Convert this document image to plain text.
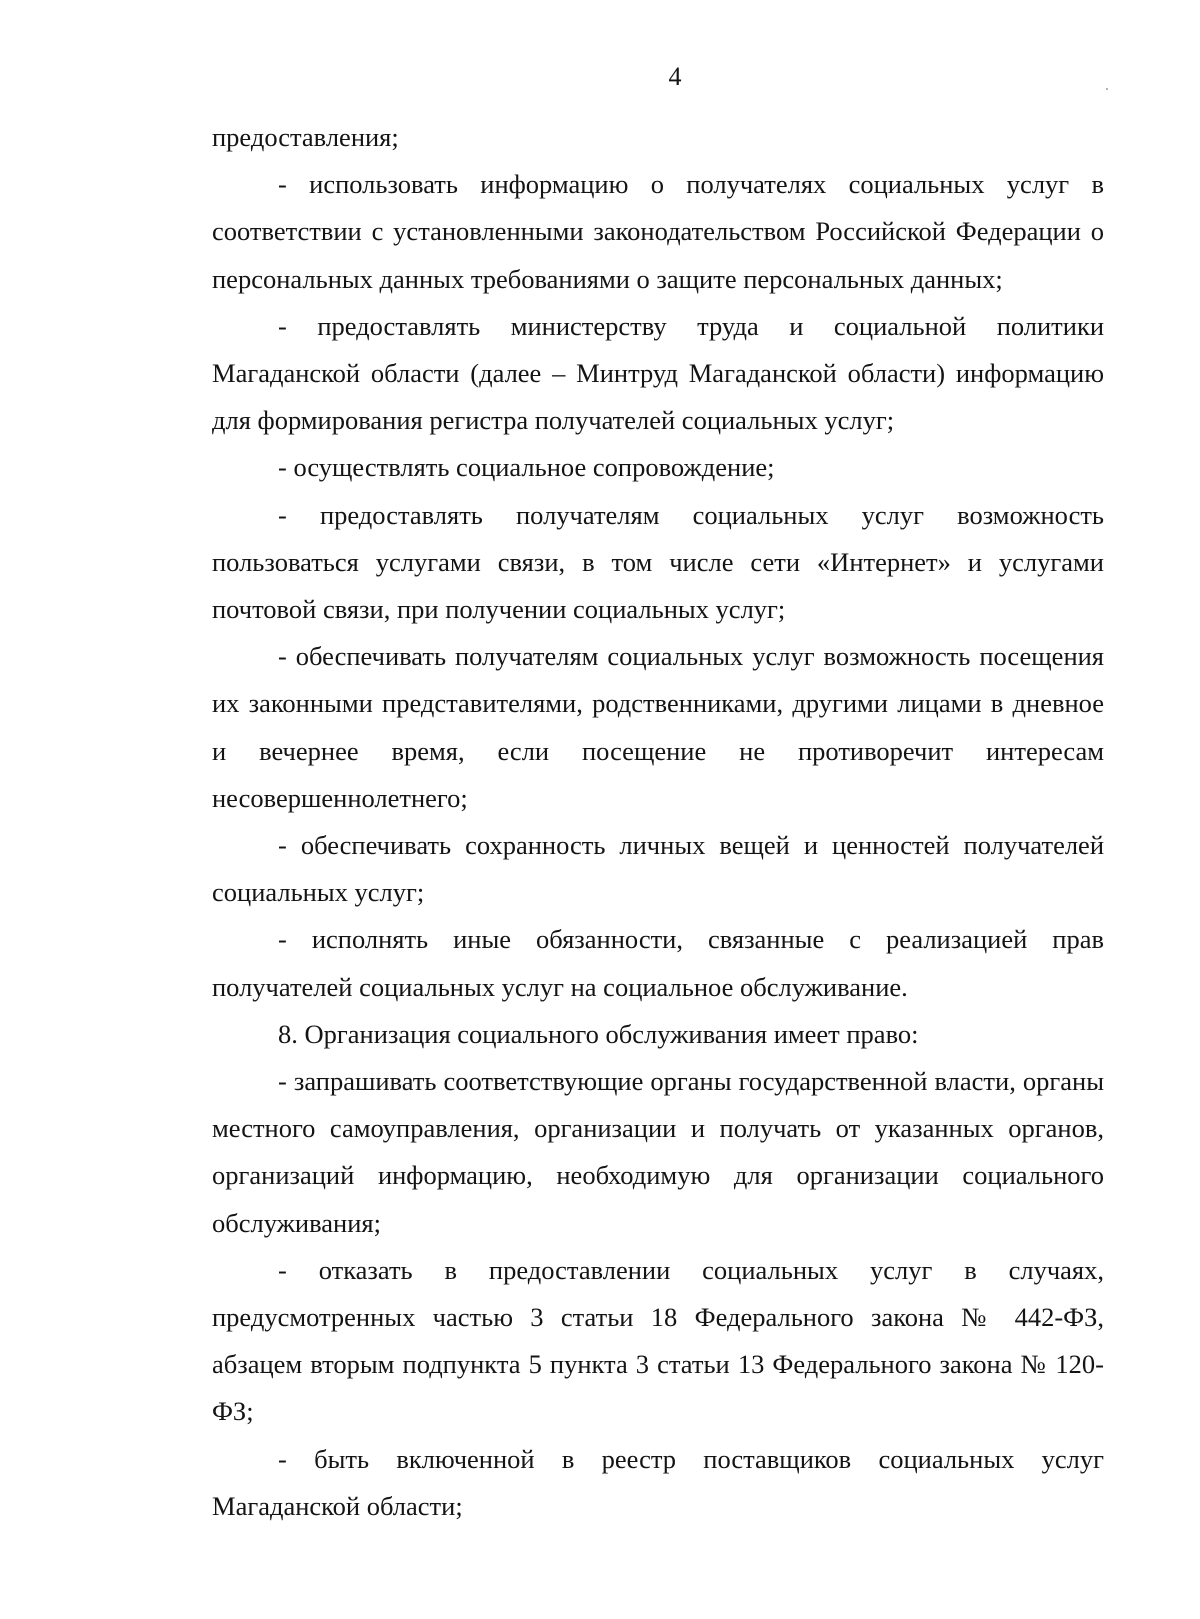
4

предоставления;

- использовать информацию о получателях социальных услуг в соответствии с установленными законодательством Российской Федерации о персональных данных требованиями о защите персональных данных;

- предоставлять министерству труда и социальной политики Магаданской области (далее – Минтруд Магаданской области) информацию для формирования регистра получателей социальных услуг;

- осуществлять социальное сопровождение;

- предоставлять получателям социальных услуг возможность пользоваться услугами связи, в том числе сети «Интернет» и услугами почтовой связи, при получении социальных услуг;

- обеспечивать получателям социальных услуг возможность посещения их законными представителями, родственниками, другими лицами в дневное и вечернее время, если посещение не противоречит интересам несовершеннолетнего;

- обеспечивать сохранность личных вещей и ценностей получателей социальных услуг;

- исполнять иные обязанности, связанные с реализацией прав получателей социальных услуг на социальное обслуживание.

8. Организация социального обслуживания имеет право:

- запрашивать соответствующие органы государственной власти, органы местного самоуправления, организации и получать от указанных органов, организаций информацию, необходимую для организации социального обслуживания;

- отказать в предоставлении социальных услуг в случаях, предусмотренных частью 3 статьи 18 Федерального закона № 442-ФЗ, абзацем вторым подпункта 5 пункта 3 статьи 13 Федерального закона № 120-ФЗ;

- быть включенной в реестр поставщиков социальных услуг Магаданской области;
